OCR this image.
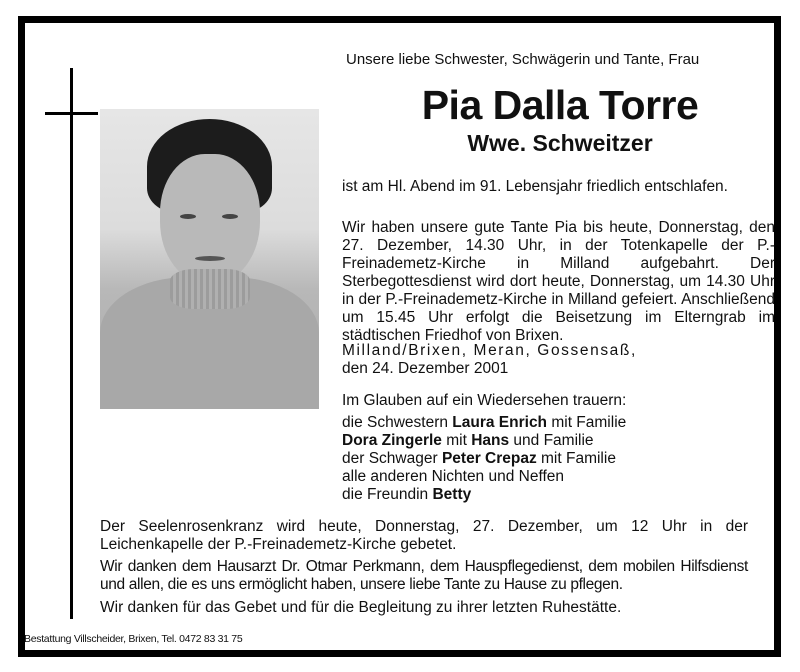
Unsere liebe Schwester, Schwägerin und Tante, Frau
Pia Dalla Torre
Wwe. Schweitzer
ist am Hl. Abend im 91. Lebensjahr friedlich entschlafen.
Wir haben unsere gute Tante Pia bis heute, Donnerstag, den 27. Dezember, 14.30 Uhr, in der Totenkapelle der P.-Freinademetz-Kirche in Milland aufgebahrt. Der Sterbegottesdienst wird dort heute, Donnerstag, um 14.30 Uhr in der P.-Freinademetz-Kirche in Milland gefeiert. Anschließend um 15.45 Uhr erfolgt die Beisetzung im Elterngrab im städtischen Friedhof von Brixen.
Milland/Brixen, Meran, Gossensaß,
den 24. Dezember 2001
Im Glauben auf ein Wiedersehen trauern:
die Schwestern Laura Enrich mit Familie
Dora Zingerle mit Hans und Familie
der Schwager Peter Crepaz mit Familie
alle anderen Nichten und Neffen
die Freundin Betty
Der Seelenrosenkranz wird heute, Donnerstag, 27. Dezember, um 12 Uhr in der Leichenkapelle der P.-Freinademetz-Kirche gebetet.
Wir danken dem Hausarzt Dr. Otmar Perkmann, dem Hauspflegedienst, dem mobilen Hilfsdienst und allen, die es uns ermöglicht haben, unsere liebe Tante zu Hause zu pflegen.
Wir danken für das Gebet und für die Begleitung zu ihrer letzten Ruhestätte.
Bestattung Villscheider, Brixen, Tel. 0472 83 31 75
